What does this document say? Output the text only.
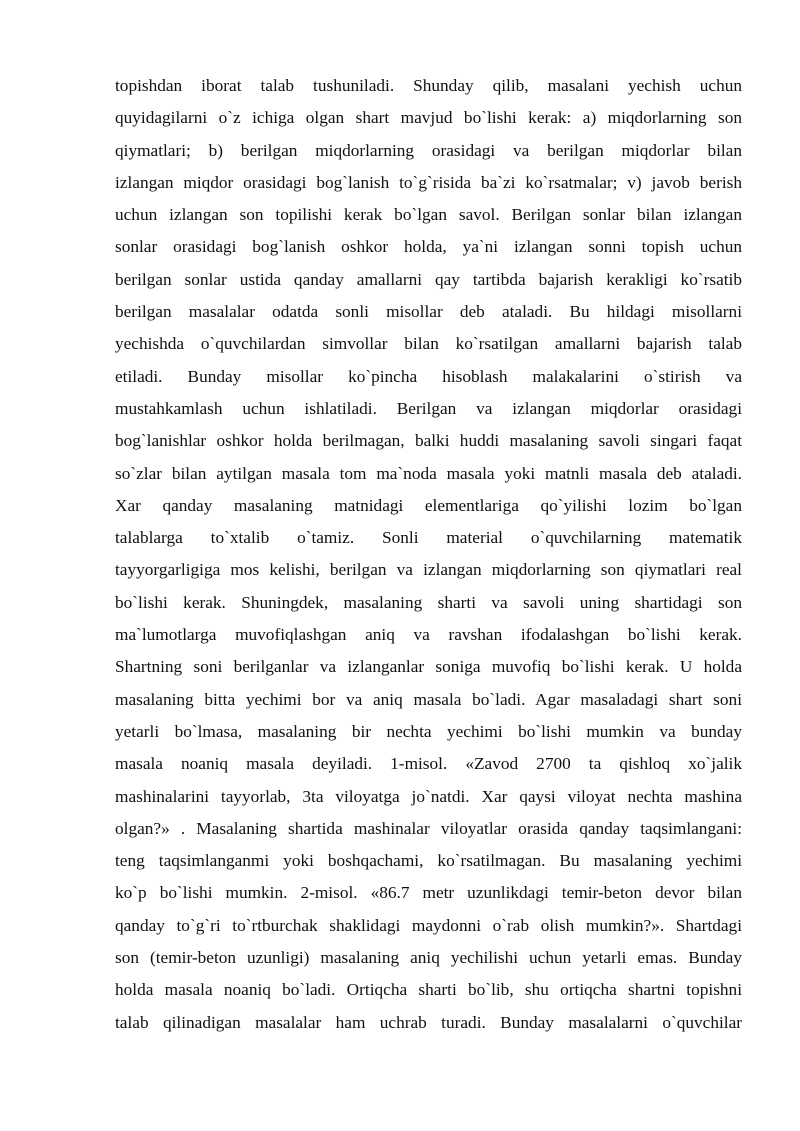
topishdan iborat talab tushuniladi. Shunday qilib, masalani yechish uchun
quyidagilarni o`z ichiga olgan shart mavjud bo`lishi kerak: a) miqdorlarning son
qiymatlari; b) berilgan miqdorlarning orasidagi va berilgan miqdorlar bilan
izlangan miqdor orasidagi bog`lanish to`g`risida ba`zi ko`rsatmalar; v) javob berish
uchun izlangan son topilishi kerak bo`lgan savol. Berilgan sonlar bilan izlangan
sonlar orasidagi bog`lanish oshkor holda, ya`ni izlangan sonni topish uchun
berilgan sonlar ustida qanday amallarni qay tartibda bajarish kerakligi ko`rsatib
berilgan masalalar odatda sonli misollar deb ataladi. Bu hildagi misollarni
yechishda o`quvchilardan simvollar bilan ko`rsatilgan amallarni bajarish talab
etiladi. Bunday misollar ko`pincha hisoblash malakalarini o`stirish va
mustahkamlash uchun ishlatiladi. Berilgan va izlangan miqdorlar orasidagi
bog`lanishlar oshkor holda berilmagan, balki huddi masalaning savoli singari faqat
so`zlar bilan aytilgan masala tom ma`noda masala yoki matnli masala deb ataladi.
Xar qanday masalaning matnidagi elementlariga qo`yilishi lozim bo`lgan
talablarga to`xtalib o`tamiz. Sonli material o`quvchilarning matematik
tayyorgarligiga mos kelishi, berilgan va izlangan miqdorlarning son qiymatlari real
bo`lishi kerak. Shuningdek, masalaning sharti va savoli uning shartidagi son
ma`lumotlarga muvofiqlashgan aniq va ravshan ifodalashgan bo`lishi kerak.
Shartning soni berilganlar va izlanganlar soniga muvofiq bo`lishi kerak. U holda
masalaning bitta yechimi bor va aniq masala bo`ladi. Agar masaladagi shart soni
yetarli bo`lmasa, masalaning bir nechta yechimi bo`lishi mumkin va bunday
masala noaniq masala deyiladi. 1-misol. «Zavod 2700 ta qishloq xo`jalik
mashinalarini tayyorlab, 3ta viloyatga jo`natdi. Xar qaysi viloyat nechta mashina
olgan?» . Masalaning shartida mashinalar viloyatlar orasida qanday taqsimlangani:
teng taqsimlanganmi yoki boshqachami, ko`rsatilmagan. Bu masalaning yechimi
ko`p bo`lishi mumkin. 2-misol. «86.7 metr uzunlikdagi temir-beton devor bilan
qanday to`g`ri to`rtburchak shaklidagi maydonni o`rab olish mumkin?». Shartdagi
son (temir-beton uzunligi) masalaning aniq yechilishi uchun yetarli emas. Bunday
holda masala noaniq bo`ladi. Ortiqcha sharti bo`lib, shu ortiqcha shartni topishni
talab qilinadigan masalalar ham uchrab turadi. Bunday masalalarni o`quvchilar
